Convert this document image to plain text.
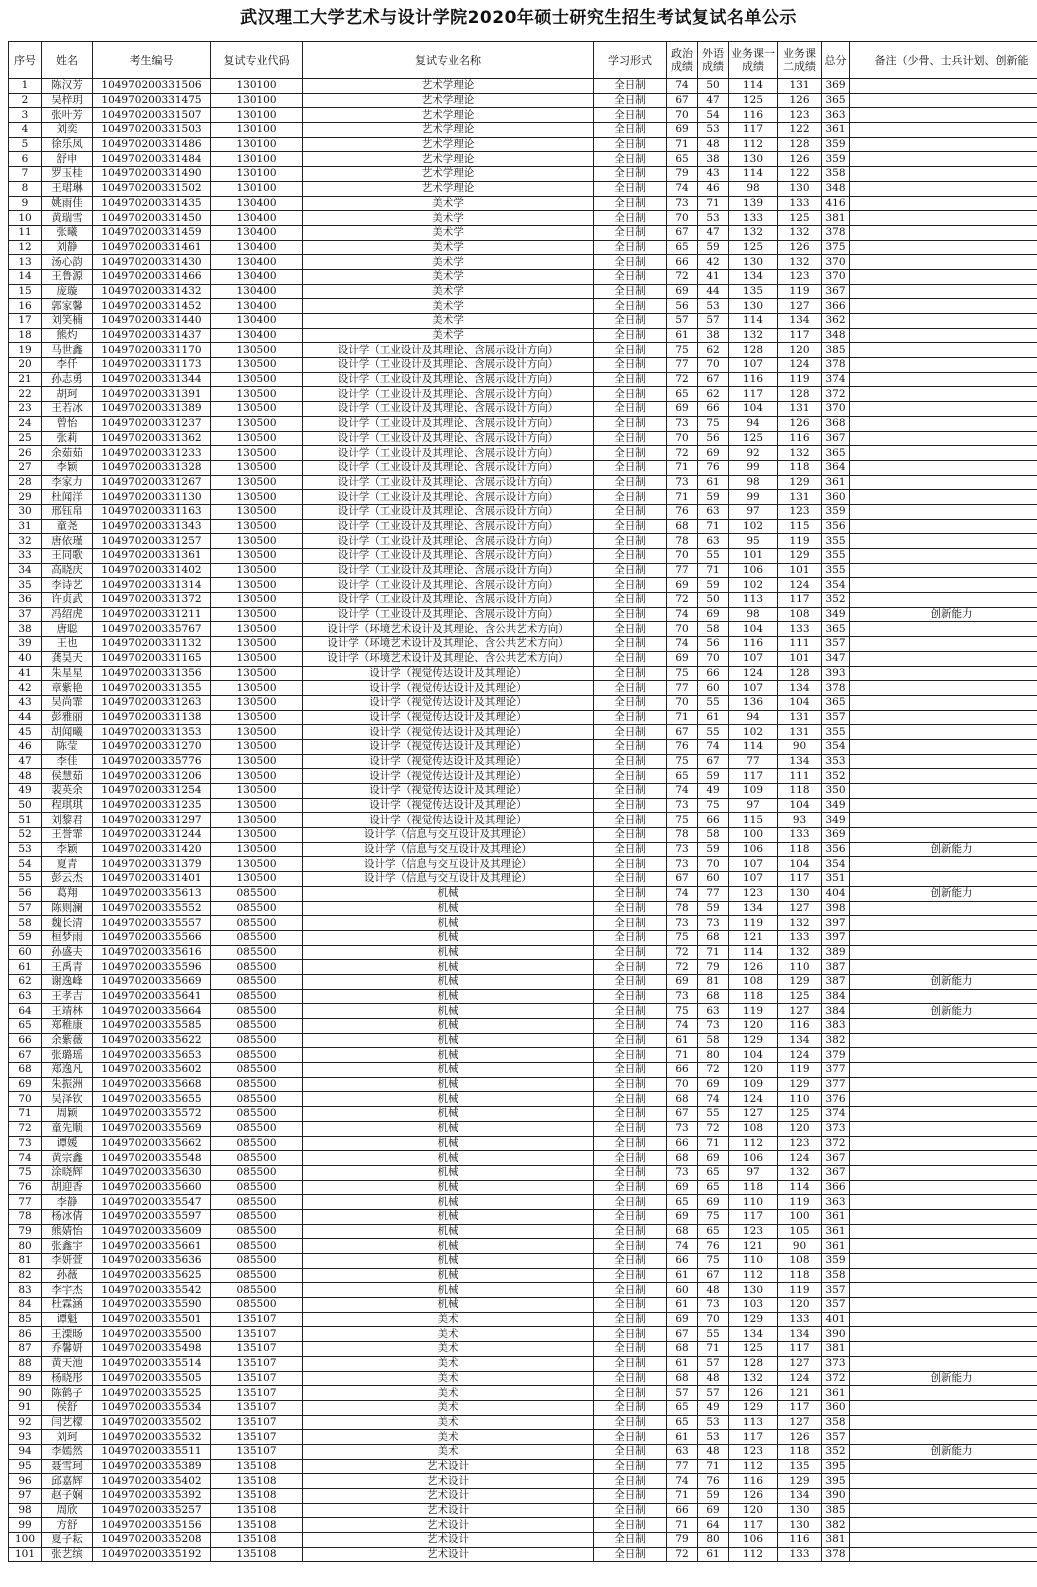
武汉理工大学艺术与设计学院2020年硕士研究生招生考试复试名单公示
序号	姓名	考生编号	复试专业代码	复试专业名称	学习形式	政治成绩	外语成绩	业务课一成绩	业务课二成绩	总分	备注（少骨、士兵计划、创新能
1	陈汉芳	104970200331506	130100	艺术学理论	全日制	74	50	114	131	369	
2	吴梓玥	104970200331475	130100	艺术学理论	全日制	67	47	125	126	365	
3	张叶芳	104970200331507	130100	艺术学理论	全日制	70	54	116	123	363	
4	刘奕	104970200331503	130100	艺术学理论	全日制	69	53	117	122	361	
5	徐乐凤	104970200331486	130100	艺术学理论	全日制	71	48	112	128	359	
6	舒申	104970200331484	130100	艺术学理论	全日制	65	38	130	126	359	
7	罗玉桂	104970200331490	130100	艺术学理论	全日制	79	43	114	122	358	
8	王珺琳	104970200331502	130100	艺术学理论	全日制	74	46	98	130	348	
9	姚雨佳	104970200331435	130400	美术学	全日制	73	71	139	133	416	
10	黄瑞雪	104970200331450	130400	美术学	全日制	70	53	133	125	381	
11	张曦	104970200331459	130400	美术学	全日制	67	47	132	132	378	
12	刘静	104970200331461	130400	美术学	全日制	65	59	125	126	375	
13	汤心韵	104970200331430	130400	美术学	全日制	66	42	130	132	370	
14	王鲁源	104970200331466	130400	美术学	全日制	72	41	134	123	370	
15	庞璇	104970200331432	130400	美术学	全日制	69	44	135	119	367	
16	郭家馨	104970200331452	130400	美术学	全日制	56	53	130	127	366	
17	刘笑楠	104970200331440	130400	美术学	全日制	57	57	114	134	362	
18	熊灼	104970200331437	130400	美术学	全日制	61	38	132	117	348	
19	马世鑫	104970200331170	130500	设计学（工业设计及其理论、含展示设计方向）	全日制	75	62	128	120	385	
20	李仟	104970200331173	130500	设计学（工业设计及其理论、含展示设计方向）	全日制	77	70	107	124	378	
21	孙志勇	104970200331344	130500	设计学（工业设计及其理论、含展示设计方向）	全日制	72	67	116	119	374	
22	胡珂	104970200331391	130500	设计学（工业设计及其理论、含展示设计方向）	全日制	65	62	117	128	372	
23	王若冰	104970200331389	130500	设计学（工业设计及其理论、含展示设计方向）	全日制	69	66	104	131	370	
24	曾怡	104970200331237	130500	设计学（工业设计及其理论、含展示设计方向）	全日制	73	75	94	126	368	
25	张莉	104970200331362	130500	设计学（工业设计及其理论、含展示设计方向）	全日制	70	56	125	116	367	
26	余茹茹	104970200331233	130500	设计学（工业设计及其理论、含展示设计方向）	全日制	72	69	92	132	365	
27	李颖	104970200331328	130500	设计学（工业设计及其理论、含展示设计方向）	全日制	71	76	99	118	364	
28	李家力	104970200331267	130500	设计学（工业设计及其理论、含展示设计方向）	全日制	73	61	98	129	361	
29	杜闻洋	104970200331130	130500	设计学（工业设计及其理论、含展示设计方向）	全日制	71	59	99	131	360	
30	邢钰帛	104970200331163	130500	设计学（工业设计及其理论、含展示设计方向）	全日制	76	63	97	123	359	
31	童尧	104970200331343	130500	设计学（工业设计及其理论、含展示设计方向）	全日制	68	71	102	115	356	
32	唐依瑾	104970200331257	130500	设计学（工业设计及其理论、含展示设计方向）	全日制	78	63	95	119	355	
33	王同歌	104970200331361	130500	设计学（工业设计及其理论、含展示设计方向）	全日制	70	55	101	129	355	
34	高晓庆	104970200331402	130500	设计学（工业设计及其理论、含展示设计方向）	全日制	77	71	106	101	355	
35	李诗艺	104970200331314	130500	设计学（工业设计及其理论、含展示设计方向）	全日制	69	59	102	124	354	
36	许贞武	104970200331372	130500	设计学（工业设计及其理论、含展示设计方向）	全日制	72	50	113	117	352	
37	冯绍虎	104970200331211	130500	设计学（工业设计及其理论、含展示设计方向）	全日制	74	69	98	108	349	创新能力
38	唐聪	104970200335767	130500	设计学（环境艺术设计及其理论、含公共艺术方向）	全日制	70	58	104	133	365	
39	王也	104970200331132	130500	设计学（环境艺术设计及其理论、含公共艺术方向）	全日制	74	56	116	111	357	
40	龚昊天	104970200331165	130500	设计学（环境艺术设计及其理论、含公共艺术方向）	全日制	69	70	107	101	347	
41	朱星星	104970200331356	130500	设计学（视觉传达设计及其理论）	全日制	75	66	124	128	393	
42	章紫艳	104970200331355	130500	设计学（视觉传达设计及其理论）	全日制	77	60	107	134	378	
43	吴尚霏	104970200331263	130500	设计学（视觉传达设计及其理论）	全日制	70	55	136	104	365	
44	彭雅丽	104970200331138	130500	设计学（视觉传达设计及其理论）	全日制	71	61	94	131	357	
45	胡闻曦	104970200331353	130500	设计学（视觉传达设计及其理论）	全日制	67	55	102	131	355	
46	陈莹	104970200331270	130500	设计学（视觉传达设计及其理论）	全日制	76	74	114	90	354	
47	李佳	104970200335776	130500	设计学（视觉传达设计及其理论）	全日制	75	67	77	134	353	
48	侯慧茹	104970200331206	130500	设计学（视觉传达设计及其理论）	全日制	65	59	117	111	352	
49	裴英余	104970200331254	130500	设计学（视觉传达设计及其理论）	全日制	74	49	109	118	350	
50	程琪琪	104970200331235	130500	设计学（视觉传达设计及其理论）	全日制	73	75	97	104	349	
51	刘黎君	104970200331297	130500	设计学（视觉传达设计及其理论）	全日制	75	66	115	93	349	
52	王誉霏	104970200331244	130500	设计学（信息与交互设计及其理论）	全日制	78	58	100	133	369	
53	李颖	104970200331420	130500	设计学（信息与交互设计及其理论）	全日制	73	59	106	118	356	创新能力
54	夏青	104970200331379	130500	设计学（信息与交互设计及其理论）	全日制	73	70	107	104	354	
55	彭云杰	104970200331401	130500	设计学（信息与交互设计及其理论）	全日制	67	60	107	117	351	
56	葛翔	104970200335613	085500	机械	全日制	74	77	123	130	404	创新能力
57	陈则澜	104970200335552	085500	机械	全日制	78	59	134	127	398	
58	魏长清	104970200335557	085500	机械	全日制	73	73	119	132	397	
59	桓梦雨	104970200335566	085500	机械	全日制	75	68	121	133	397	
60	孙盛夫	104970200335616	085500	机械	全日制	72	71	114	132	389	
61	王禹青	104970200335596	085500	机械	全日制	72	79	126	110	387	
62	谢逸峰	104970200335669	085500	机械	全日制	69	81	108	129	387	创新能力
63	王孝吉	104970200335641	085500	机械	全日制	73	68	118	125	384	
64	王靖林	104970200335664	085500	机械	全日制	75	63	119	127	384	创新能力
65	郑稚康	104970200335585	085500	机械	全日制	74	73	120	116	383	
66	余紫薇	104970200335622	085500	机械	全日制	61	58	129	134	382	
67	张璐瑶	104970200335653	085500	机械	全日制	71	80	104	124	379	
68	郑逸凡	104970200335602	085500	机械	全日制	66	72	120	119	377	
69	朱振洲	104970200335668	085500	机械	全日制	70	69	109	129	377	
70	吴泽钦	104970200335655	085500	机械	全日制	68	74	124	110	376	
71	周颖	104970200335572	085500	机械	全日制	67	55	127	125	374	
72	童先顺	104970200335569	085500	机械	全日制	73	72	108	120	373	
73	谭媛	104970200335662	085500	机械	全日制	66	71	112	123	372	
74	黄宗鑫	104970200335548	085500	机械	全日制	68	69	106	124	367	
75	涂晓辉	104970200335630	085500	机械	全日制	73	65	97	132	367	
76	胡迎香	104970200335660	085500	机械	全日制	69	65	118	114	366	
77	李静	104970200335547	085500	机械	全日制	65	69	110	119	363	
78	杨冰倩	104970200335597	085500	机械	全日制	69	75	117	100	361	
79	熊婧怡	104970200335609	085500	机械	全日制	68	65	123	105	361	
80	张鑫宇	104970200335661	085500	机械	全日制	74	76	121	90	361	
81	李妍萱	104970200335636	085500	机械	全日制	66	75	110	108	359	
82	孙薇	104970200335625	085500	机械	全日制	61	67	112	118	358	
83	李宇杰	104970200335542	085500	机械	全日制	60	48	130	119	357	
84	杜霖涵	104970200335590	085500	机械	全日制	61	73	103	120	357	
85	谭魁	104970200335501	135107	美术	全日制	69	70	129	133	401	
86	王溧旸	104970200335500	135107	美术	全日制	67	55	134	134	390	
87	乔馨妍	104970200335498	135107	美术	全日制	68	71	125	117	381	
88	黄天池	104970200335514	135107	美术	全日制	61	57	128	127	373	
89	杨晓彤	104970200335505	135107	美术	全日制	68	48	132	124	372	创新能力
90	陈鹤子	104970200335525	135107	美术	全日制	57	57	126	121	361	
91	侯舒	104970200335534	135107	美术	全日制	65	49	129	117	360	
92	闫艺檬	104970200335502	135107	美术	全日制	65	53	113	127	358	
93	刘珂	104970200335532	135107	美术	全日制	61	53	117	126	357	
94	李嫣然	104970200335511	135107	美术	全日制	63	48	123	118	352	创新能力
95	聂雪珂	104970200335389	135108	艺术设计	全日制	77	71	112	135	395	
96	邱嘉辉	104970200335402	135108	艺术设计	全日制	74	76	116	129	395	
97	赵子娴	104970200335392	135108	艺术设计	全日制	71	59	126	134	390	
98	周欣	104970200335257	135108	艺术设计	全日制	66	69	120	130	385	
99	方舒	104970200335156	135108	艺术设计	全日制	71	64	117	130	382	
100	夏子耘	104970200335208	135108	艺术设计	全日制	79	80	106	116	381	
101	张艺缤	104970200335192	135108	艺术设计	全日制	72	61	112	133	378	
